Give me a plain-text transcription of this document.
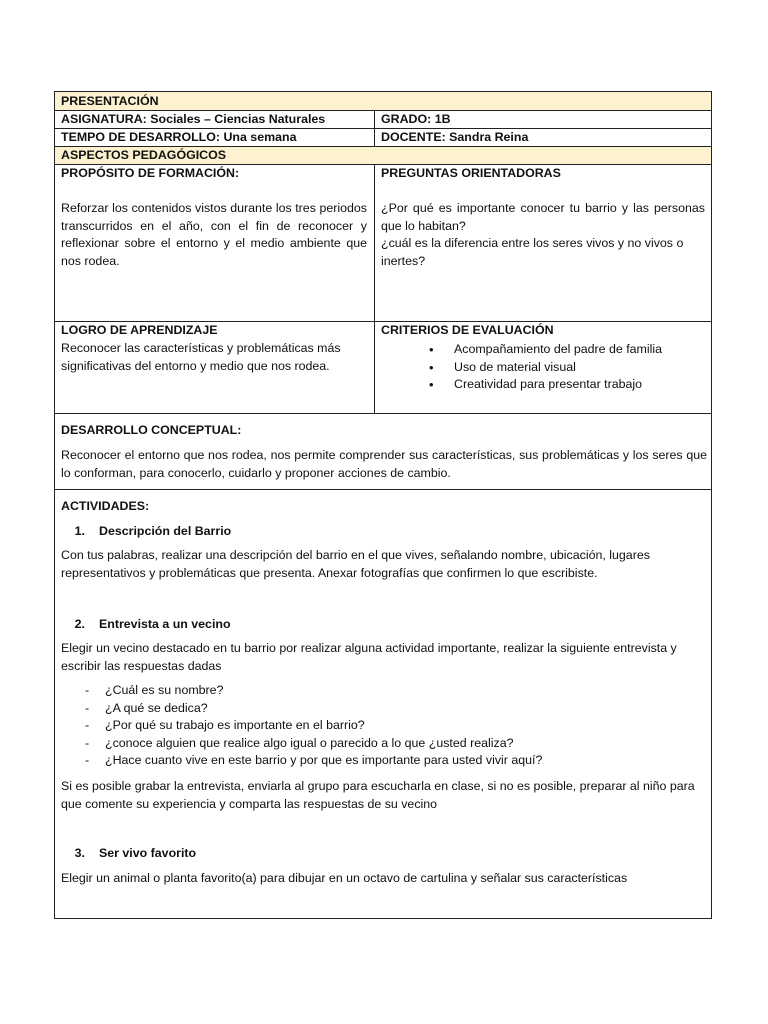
PRESENTACIÓN
ASIGNATURA: Sociales – Ciencias Naturales	GRADO: 1B
TEMPO DE DESARROLLO: Una semana	DOCENTE: Sandra Reina
ASPECTOS PEDAGÓGICOS
PROPÓSITO DE FORMACIÓN:
Reforzar los contenidos vistos durante los tres periodos transcurridos en el año, con el fin de reconocer y reflexionar sobre el entorno y el medio ambiente que nos rodea.
PREGUNTAS ORIENTADORAS
¿Por qué es importante conocer tu barrio y las personas que lo habitan?
¿cuál es la diferencia entre los seres vivos y no vivos o inertes?
LOGRO DE APRENDIZAJE
Reconocer las características y problemáticas más significativas del entorno y medio que nos rodea.
CRITERIOS DE EVALUACIÓN
• Acompañamiento del padre de familia
• Uso de material visual
• Creatividad para presentar trabajo
DESARROLLO CONCEPTUAL:
Reconocer el entorno que nos rodea, nos permite comprender sus características, sus problemáticas y los seres que lo conforman, para conocerlo, cuidarlo y proponer acciones de cambio.
ACTIVIDADES:
1. Descripción del Barrio
Con tus palabras, realizar una descripción del barrio en el que vives, señalando nombre, ubicación, lugares representativos y problemáticas que presenta. Anexar fotografías que confirmen lo que escribiste.
2. Entrevista a un vecino
Elegir un vecino destacado en tu barrio por realizar alguna actividad importante, realizar la siguiente entrevista y escribir las respuestas dadas
- ¿Cuál es su nombre?
- ¿A qué se dedica?
- ¿Por qué su trabajo es importante en el barrio?
- ¿conoce alguien que realice algo igual o parecido a lo que ¿usted realiza?
- ¿Hace cuanto vive en este barrio y por que es importante para usted vivir aquí?
Si es posible grabar la entrevista, enviarla al grupo para escucharla en clase, si no es posible, preparar al niño para que comente su experiencia y comparta las respuestas de su vecino
3. Ser vivo favorito
Elegir un animal o planta favorito(a) para dibujar en un octavo de cartulina y señalar sus características
